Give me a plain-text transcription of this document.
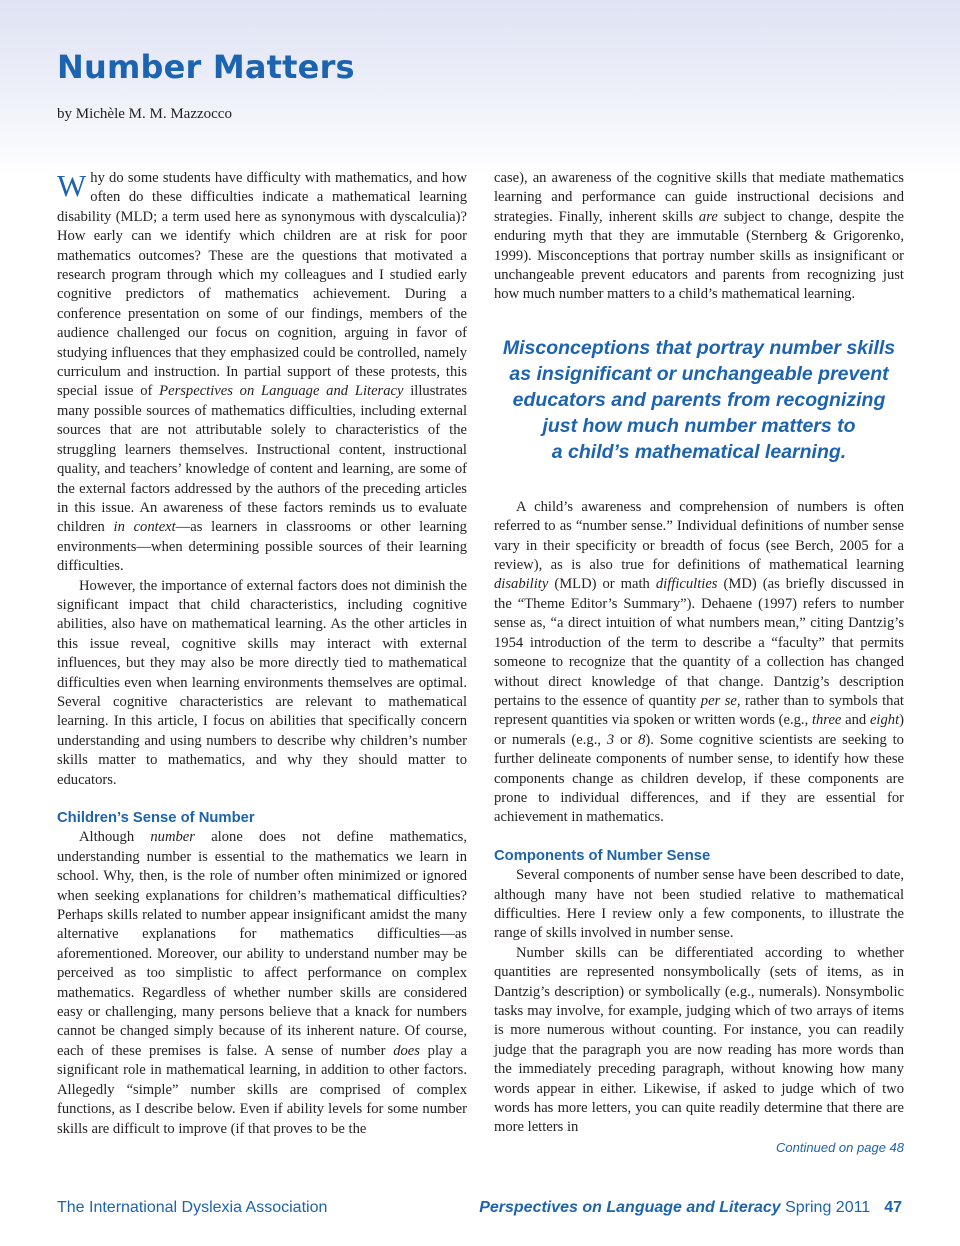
Number Matters
by Michèle M. M. Mazzocco

Why do some students have difficulty with mathematics, and how often do these difficulties indicate a mathematical learning disability (MLD; a term used here as synonymous with dyscalculia)? How early can we identify which children are at risk for poor mathematics outcomes? These are the questions that motivated a research program through which my colleagues and I studied early cognitive predictors of mathematics achievement. During a conference presentation on some of our findings, members of the audience challenged our focus on cognition, arguing in favor of studying influences that they emphasized could be controlled, namely curriculum and instruction. In partial support of these protests, this special issue of Perspectives on Language and Literacy illustrates many possible sources of mathematics difficulties, including external sources that are not attributable solely to characteristics of the struggling learners themselves. Instructional content, instructional quality, and teachers’ knowledge of content and learning, are some of the external factors addressed by the authors of the preceding articles in this issue. An awareness of these factors reminds us to evaluate children in context—as learners in classrooms or other learning environments—when determining possible sources of their learning difficulties.

However, the importance of external factors does not diminish the significant impact that child characteristics, including cognitive abilities, also have on mathematical learning. As the other articles in this issue reveal, cognitive skills may interact with external influences, but they may also be more directly tied to mathematical difficulties even when learning environments themselves are optimal. Several cognitive characteristics are relevant to mathematical learning. In this article, I focus on abilities that specifically concern understanding and using numbers to describe why children’s number skills matter to mathematics, and why they should matter to educators.

Children’s Sense of Number

Although number alone does not define mathematics, understanding number is essential to the mathematics we learn in school. Why, then, is the role of number often minimized or ignored when seeking explanations for children’s mathematical difficulties? Perhaps skills related to number appear insignificant amidst the many alternative explanations for mathematics difficulties—as aforementioned. Moreover, our ability to understand number may be perceived as too simplistic to affect performance on complex mathematics. Regardless of whether number skills are considered easy or challenging, many persons believe that a knack for numbers cannot be changed simply because of its inherent nature. Of course, each of these premises is false. A sense of number does play a significant role in mathematical learning, in addition to other factors. Allegedly “simple” number skills are comprised of complex functions, as I describe below. Even if ability levels for some number skills are difficult to improve (if that proves to be the

case), an awareness of the cognitive skills that mediate mathematics learning and performance can guide instructional decisions and strategies. Finally, inherent skills are subject to change, despite the enduring myth that they are immutable (Sternberg & Grigorenko, 1999). Misconceptions that portray number skills as insignificant or unchangeable prevent educators and parents from recognizing just how much number matters to a child’s mathematical learning.

Misconceptions that portray number skills
as insignificant or unchangeable prevent
educators and parents from recognizing
just how much number matters to
a child’s mathematical learning.

A child’s awareness and comprehension of numbers is often referred to as “number sense.” Individual definitions of number sense vary in their specificity or breadth of focus (see Berch, 2005 for a review), as is also true for definitions of mathematical learning disability (MLD) or math difficulties (MD) (as briefly discussed in the “Theme Editor’s Summary”). Dehaene (1997) refers to number sense as, “a direct intuition of what numbers mean,” citing Dantzig’s 1954 introduction of the term to describe a “faculty” that permits someone to recognize that the quantity of a collection has changed without direct knowledge of that change. Dantzig’s description pertains to the essence of quantity per se, rather than to symbols that represent quantities via spoken or written words (e.g., three and eight) or numerals (e.g., 3 or 8). Some cognitive scientists are seeking to further delineate components of number sense, to identify how these components change as children develop, if these components are prone to individual differences, and if they are essential for achievement in mathematics.

Components of Number Sense

Several components of number sense have been described to date, although many have not been studied relative to mathematical difficulties. Here I review only a few components, to illustrate the range of skills involved in number sense.

Number skills can be differentiated according to whether quantities are represented nonsymbolically (sets of items, as in Dantzig’s description) or symbolically (e.g., numerals). Nonsymbolic tasks may involve, for example, judging which of two arrays of items is more numerous without counting. For instance, you can readily judge that the paragraph you are now reading has more words than the immediately preceding paragraph, without knowing how many words appear in either. Likewise, if asked to judge which of two words has more letters, you can quite readily determine that there are more letters in

Continued on page 48

The International Dyslexia Association	Perspectives on Language and Literacy Spring 2011 47
